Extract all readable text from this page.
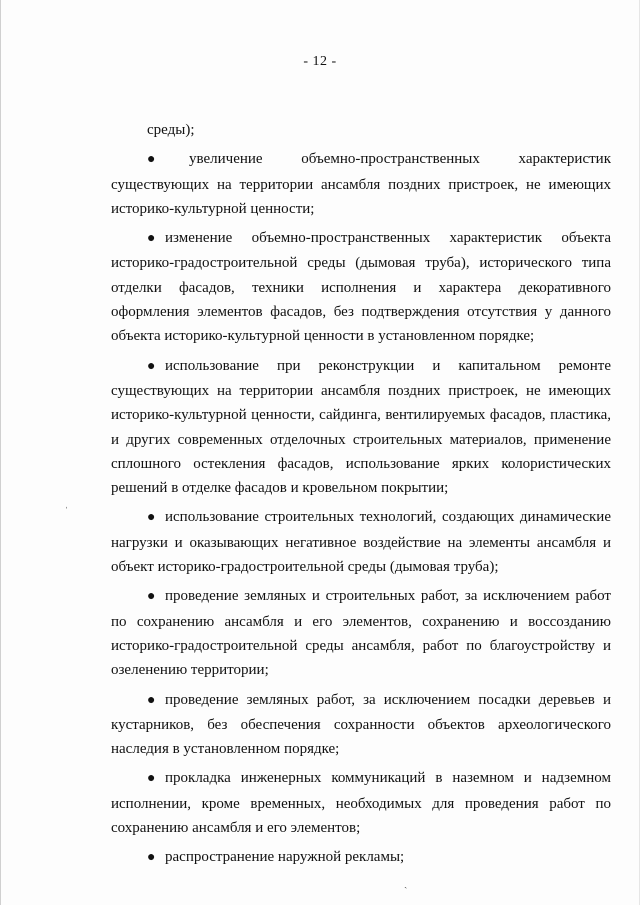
- 12 -
среды);
● увеличение объемно-пространственных характеристик
существующих на территории ансамбля поздних пристроек, не имеющих
историко-культурной ценности;
● изменение объемно-пространственных характеристик объекта
историко-градостроительной среды (дымовая труба), исторического типа
отделки фасадов, техники исполнения и характера декоративного
оформления элементов фасадов, без подтверждения отсутствия у данного
объекта историко-культурной ценности в установленном порядке;
● использование при реконструкции и капитальном ремонте
существующих на территории ансамбля поздних пристроек, не имеющих
историко-культурной ценности, сайдинга, вентилируемых фасадов, пластика,
и других современных отделочных строительных материалов, применение
сплошного остекления фасадов, использование ярких колористических
решений в отделке фасадов и кровельном покрытии;
● использование строительных технологий, создающих динамические
нагрузки и оказывающих негативное воздействие на элементы ансамбля и
объект историко-градостроительной среды (дымовая труба);
● проведение земляных и строительных работ, за исключением работ
по сохранению ансамбля и его элементов, сохранению и воссозданию
историко-градостроительной среды ансамбля, работ по благоустройству и
озеленению территории;
● проведение земляных работ, за исключением посадки деревьев и
кустарников, без обеспечения сохранности объектов археологического
наследия в установленном порядке;
● прокладка инженерных коммуникаций в наземном и надземном
исполнении, кроме временных, необходимых для проведения работ по
сохранению ансамбля и его элементов;
● распространение наружной рекламы;
ˌ
ˎ
